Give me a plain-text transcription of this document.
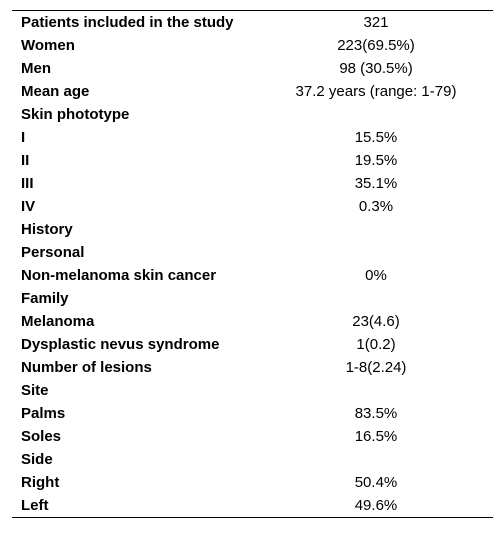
Patients included in the study	321
Women	223(69.5%)
Men	98 (30.5%)
Mean age	37.2 years (range: 1-79)
Skin phototype	
I	15.5%
II	19.5%
III	35.1%
IV	0.3%
History	
Personal	
Non-melanoma skin cancer	0%
Family	
Melanoma	23(4.6)
Dysplastic nevus syndrome	1(0.2)
Number of lesions	1-8(2.24)
Site	
Palms	83.5%
Soles	16.5%
Side	
Right	50.4%
Left	49.6%
